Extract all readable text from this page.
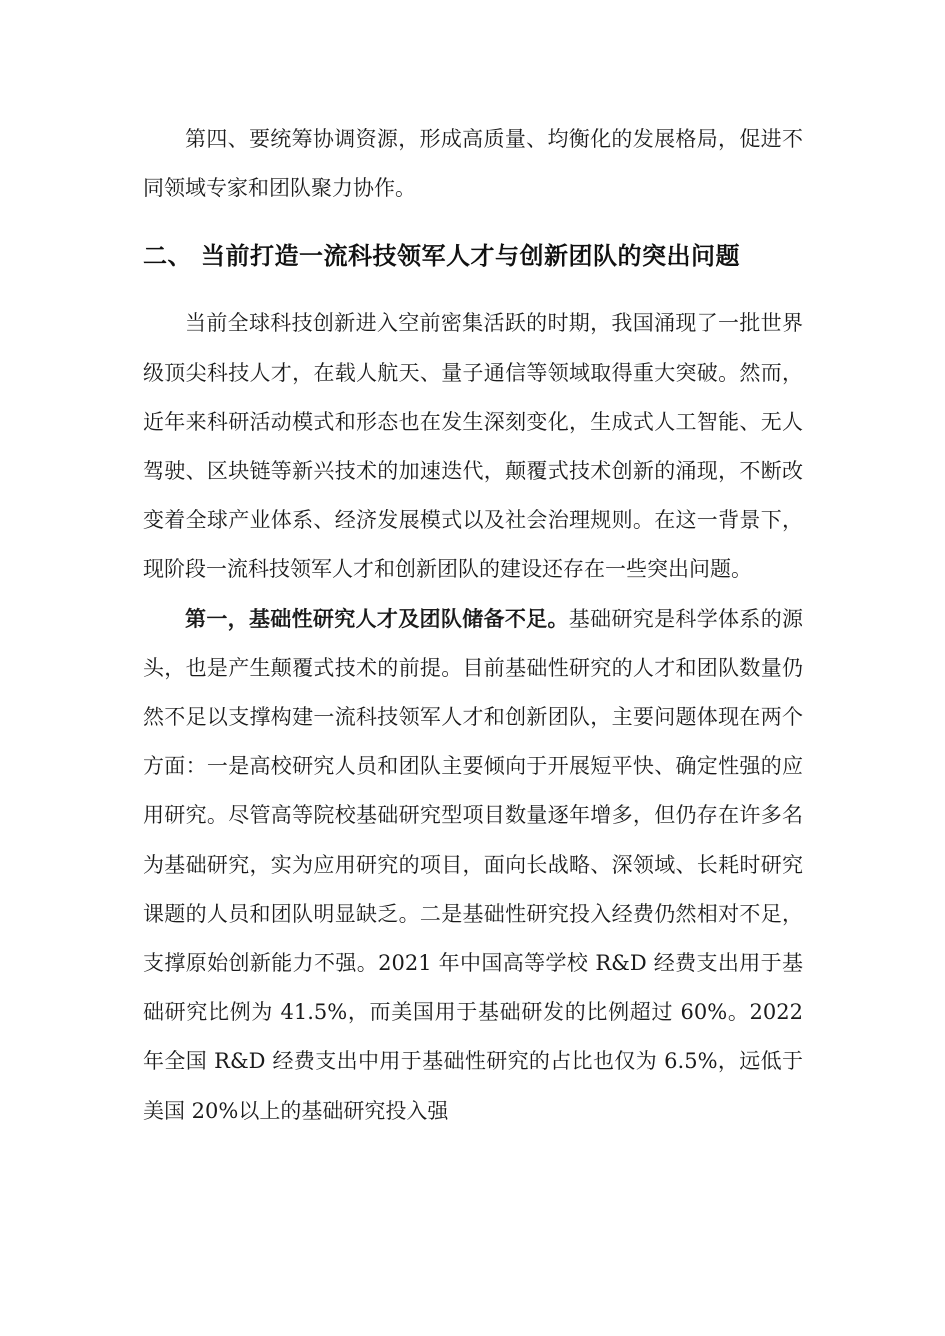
第四、要统筹协调资源，形成高质量、均衡化的发展格局，促进不同领域专家和团队聚力协作。

二、 当前打造一流科技领军人才与创新团队的突出问题

当前全球科技创新进入空前密集活跃的时期，我国涌现了一批世界级顶尖科技人才，在载人航天、量子通信等领域取得重大突破。然而，近年来科研活动模式和形态也在发生深刻变化，生成式人工智能、无人驾驶、区块链等新兴技术的加速迭代，颠覆式技术创新的涌现，不断改变着全球产业体系、经济发展模式以及社会治理规则。在这一背景下，现阶段一流科技领军人才和创新团队的建设还存在一些突出问题。

第一，基础性研究人才及团队储备不足。基础研究是科学体系的源头，也是产生颠覆式技术的前提。目前基础性研究的人才和团队数量仍然不足以支撑构建一流科技领军人才和创新团队，主要问题体现在两个方面：一是高校研究人员和团队主要倾向于开展短平快、确定性强的应用研究。尽管高等院校基础研究型项目数量逐年增多，但仍存在许多名为基础研究，实为应用研究的项目，面向长战略、深领域、长耗时研究课题的人员和团队明显缺乏。二是基础性研究投入经费仍然相对不足，支撑原始创新能力不强。2021 年中国高等学校 R&D 经费支出用于基础研究比例为 41.5%，而美国用于基础研发的比例超过 60%。2022 年全国 R&D 经费支出中用于基础性研究的占比也仅为 6.5%，远低于美国 20%以上的基础研究投入强
